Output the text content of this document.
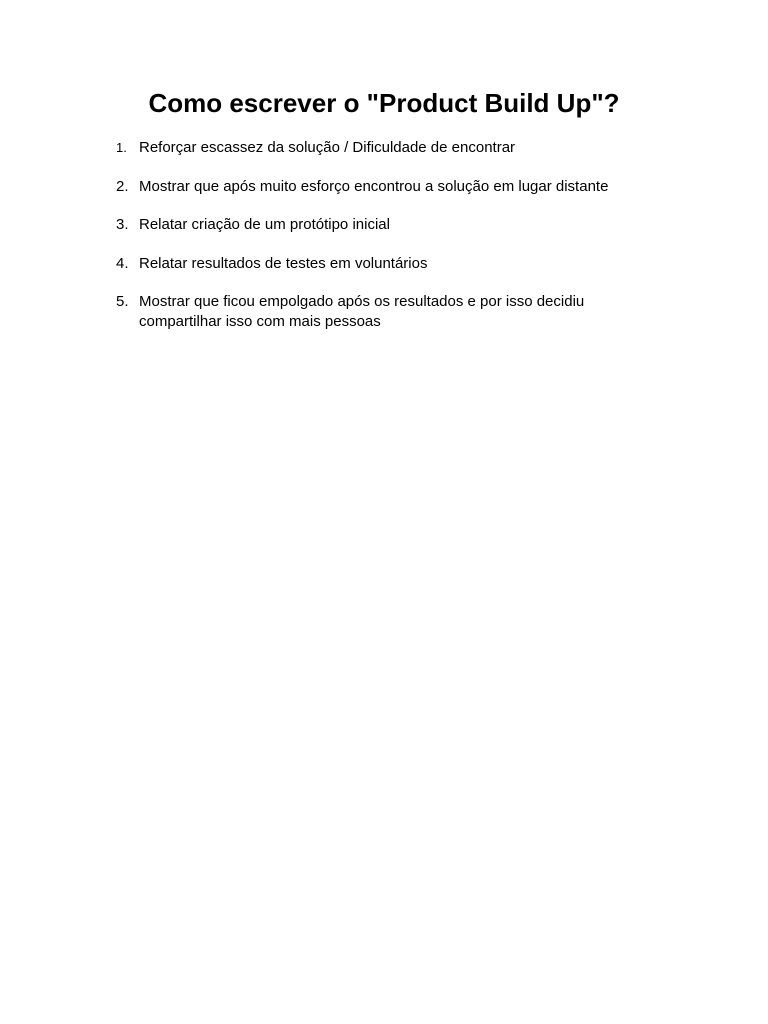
Como escrever o "Product Build Up"?
1. Reforçar escassez da solução / Dificuldade de encontrar
2. Mostrar que após muito esforço encontrou a solução em lugar distante
3. Relatar criação de um protótipo inicial
4. Relatar resultados de testes em voluntários
5. Mostrar que ficou empolgado após os resultados e por isso decidiu compartilhar isso com mais pessoas
